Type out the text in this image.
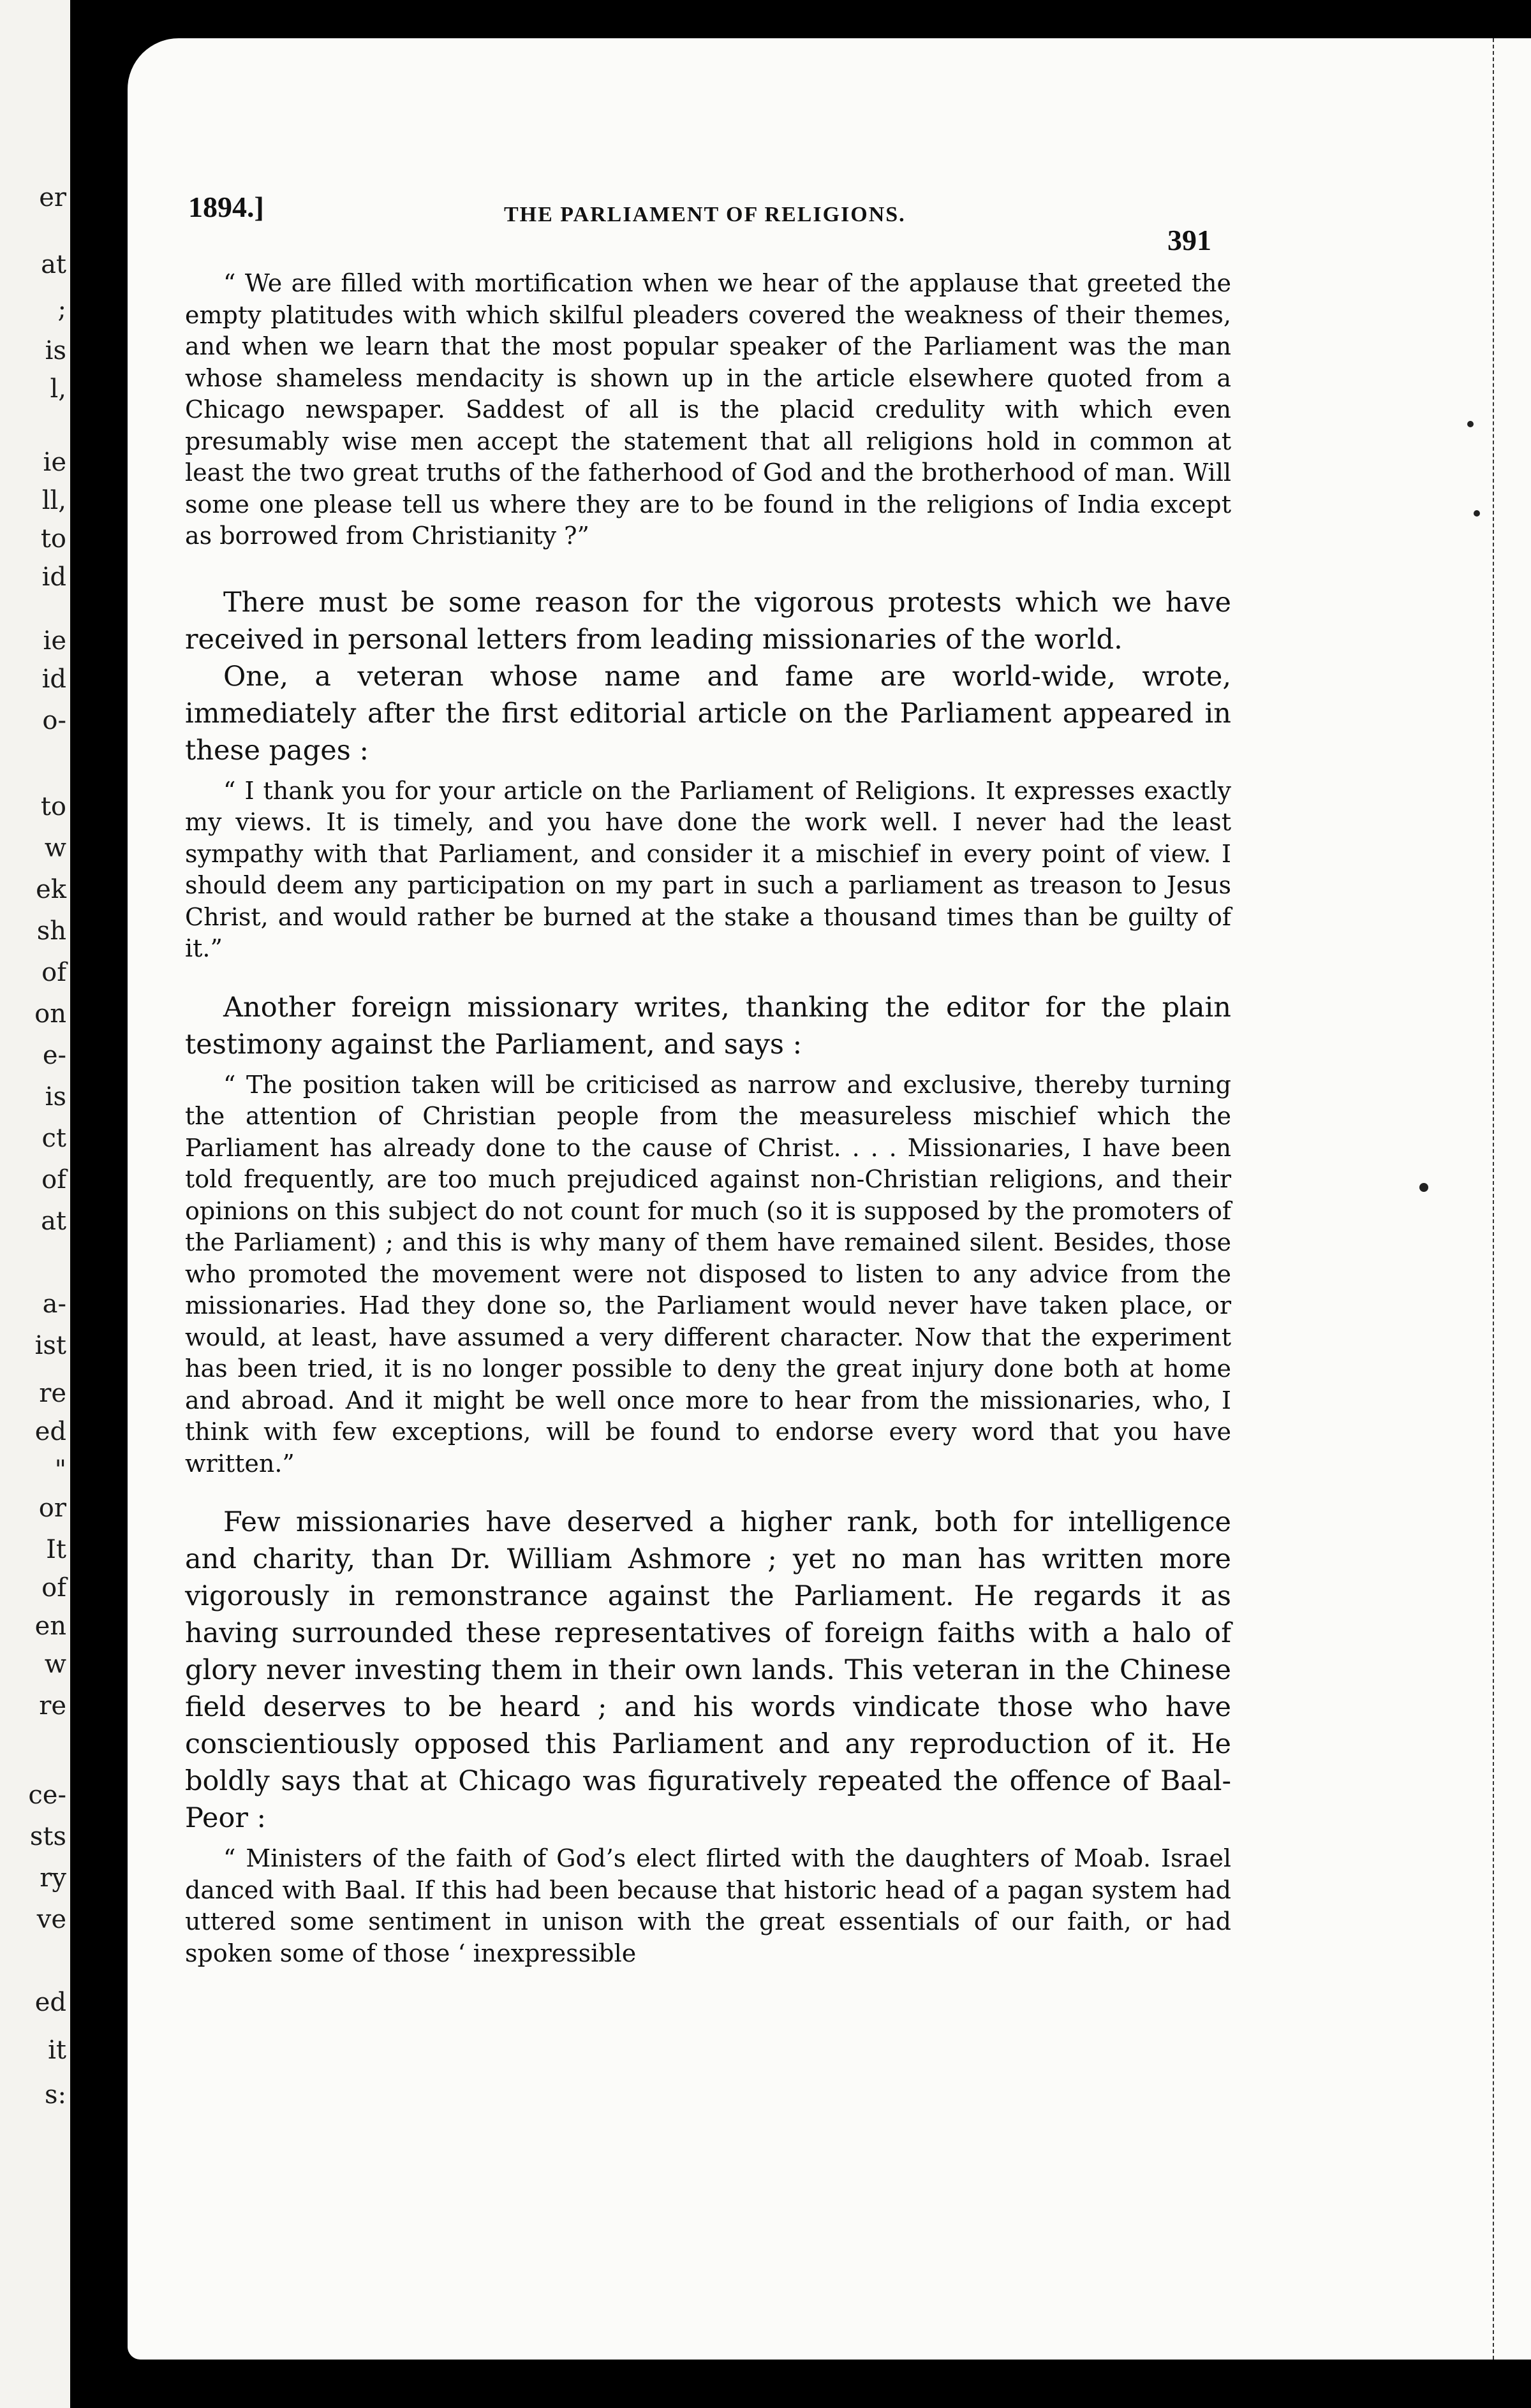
er
at
;
is
l,
ie
ll,
to
id
ie
id
o-
to
w
ek
sh
of
on
e-
is
ct
of
at
a-
ist
re
ed
"
or
It
of
en
w
re
ce-
sts
ry
ve
ed
it
s:
1894.]	THE PARLIAMENT OF RELIGIONS.
391

“ We are filled with mortification when we hear of the applause that greeted the empty platitudes with which skilful pleaders covered the weakness of their themes, and when we learn that the most popular speaker of the Parliament was the man whose shameless mendacity is shown up in the article elsewhere quoted from a Chicago newspaper. Saddest of all is the placid credulity with which even presumably wise men accept the statement that all religions hold in common at least the two great truths of the fatherhood of God and the brotherhood of man. Will some one please tell us where they are to be found in the religions of India except as borrowed from Christianity ?”

There must be some reason for the vigorous protests which we have received in personal letters from leading missionaries of the world.

One, a veteran whose name and fame are world-wide, wrote, immediately after the first editorial article on the Parliament appeared in these pages :

“ I thank you for your article on the Parliament of Religions. It expresses exactly my views. It is timely, and you have done the work well. I never had the least sympathy with that Parliament, and consider it a mischief in every point of view. I should deem any participation on my part in such a parliament as treason to Jesus Christ, and would rather be burned at the stake a thousand times than be guilty of it.”

Another foreign missionary writes, thanking the editor for the plain testimony against the Parliament, and says :

“ The position taken will be criticised as narrow and exclusive, thereby turning the attention of Christian people from the measureless mischief which the Parliament has already done to the cause of Christ. . . . Missionaries, I have been told frequently, are too much prejudiced against non-Christian religions, and their opinions on this subject do not count for much (so it is supposed by the promoters of the Parliament) ; and this is why many of them have remained silent. Besides, those who promoted the movement were not disposed to listen to any advice from the missionaries. Had they done so, the Parliament would never have taken place, or would, at least, have assumed a very different character. Now that the experiment has been tried, it is no longer possible to deny the great injury done both at home and abroad. And it might be well once more to hear from the missionaries, who, I think with few exceptions, will be found to endorse every word that you have written.”

Few missionaries have deserved a higher rank, both for intelligence and charity, than Dr. William Ashmore ; yet no man has written more vigorously in remonstrance against the Parliament. He regards it as having surrounded these representatives of foreign faiths with a halo of glory never investing them in their own lands. This veteran in the Chinese field deserves to be heard ; and his words vindicate those who have conscientiously opposed this Parliament and any reproduction of it. He boldly says that at Chicago was figuratively repeated the offence of Baal-Peor :

“ Ministers of the faith of God’s elect flirted with the daughters of Moab. Israel danced with Baal. If this had been because that historic head of a pagan system had uttered some sentiment in unison with the great essentials of our faith, or had spoken some of those ‘ inexpressible
